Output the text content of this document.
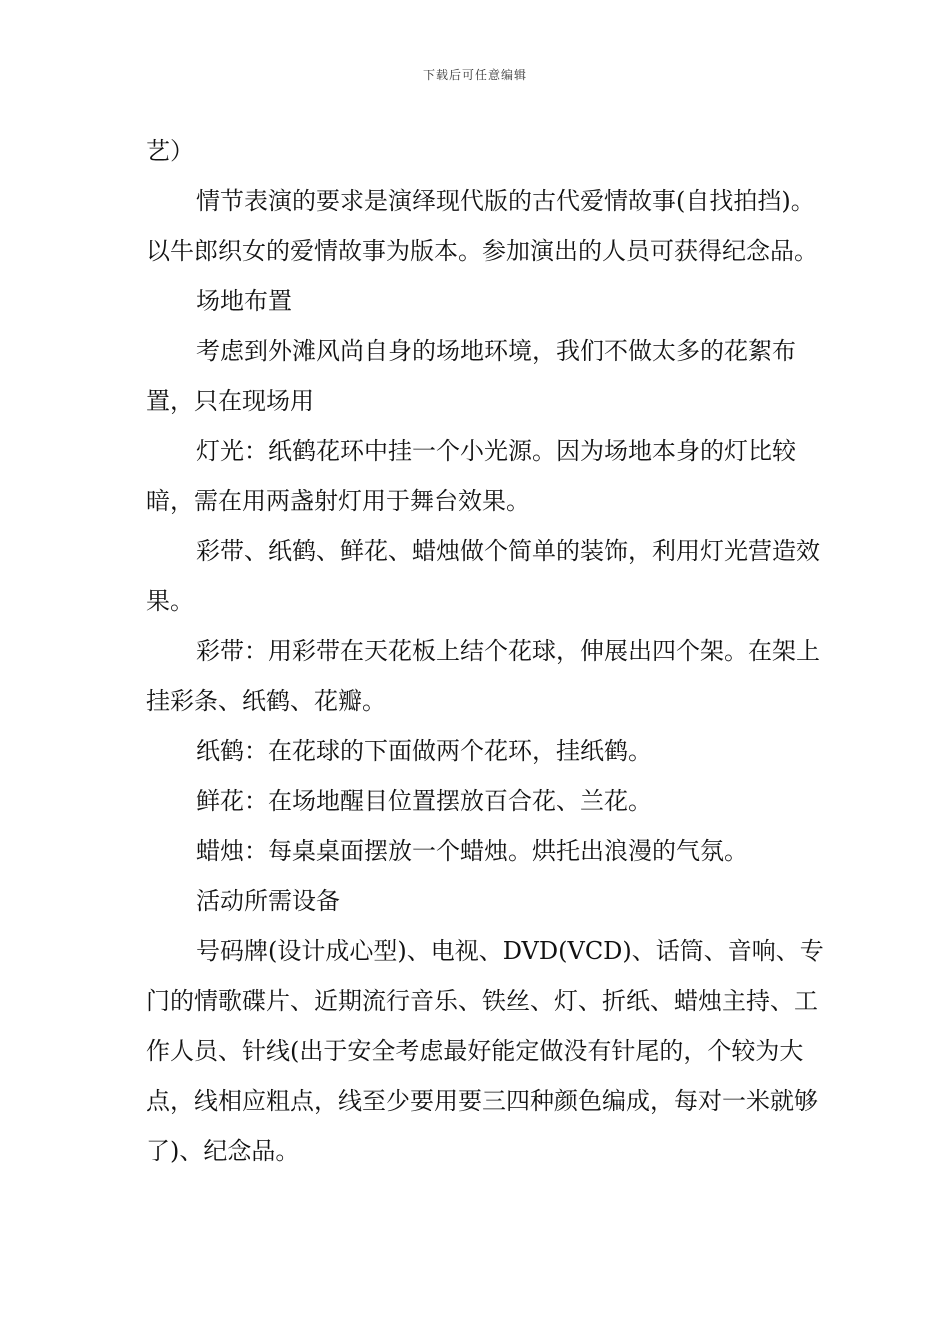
下载后可任意编辑

艺）

情节表演的要求是演绎现代版的古代爱情故事(自找拍挡)。以牛郎织女的爱情故事为版本。参加演出的人员可获得纪念品。

场地布置

考虑到外滩风尚自身的场地环境，我们不做太多的花絮布置，只在现场用

灯光：纸鹤花环中挂一个小光源。因为场地本身的灯比较暗，需在用两盏射灯用于舞台效果。

彩带、纸鹤、鲜花、蜡烛做个简单的装饰，利用灯光营造效果。

彩带：用彩带在天花板上结个花球，伸展出四个架。在架上挂彩条、纸鹤、花瓣。

纸鹤：在花球的下面做两个花环，挂纸鹤。

鲜花：在场地醒目位置摆放百合花、兰花。

蜡烛：每桌桌面摆放一个蜡烛。烘托出浪漫的气氛。

活动所需设备

号码牌(设计成心型)、电视、DVD(VCD)、话筒、音响、专门的情歌碟片、近期流行音乐、铁丝、灯、折纸、蜡烛主持、工作人员、针线(出于安全考虑最好能定做没有针尾的，个较为大点，线相应粗点，线至少要用要三四种颜色编成，每对一米就够了)、纪念品。
